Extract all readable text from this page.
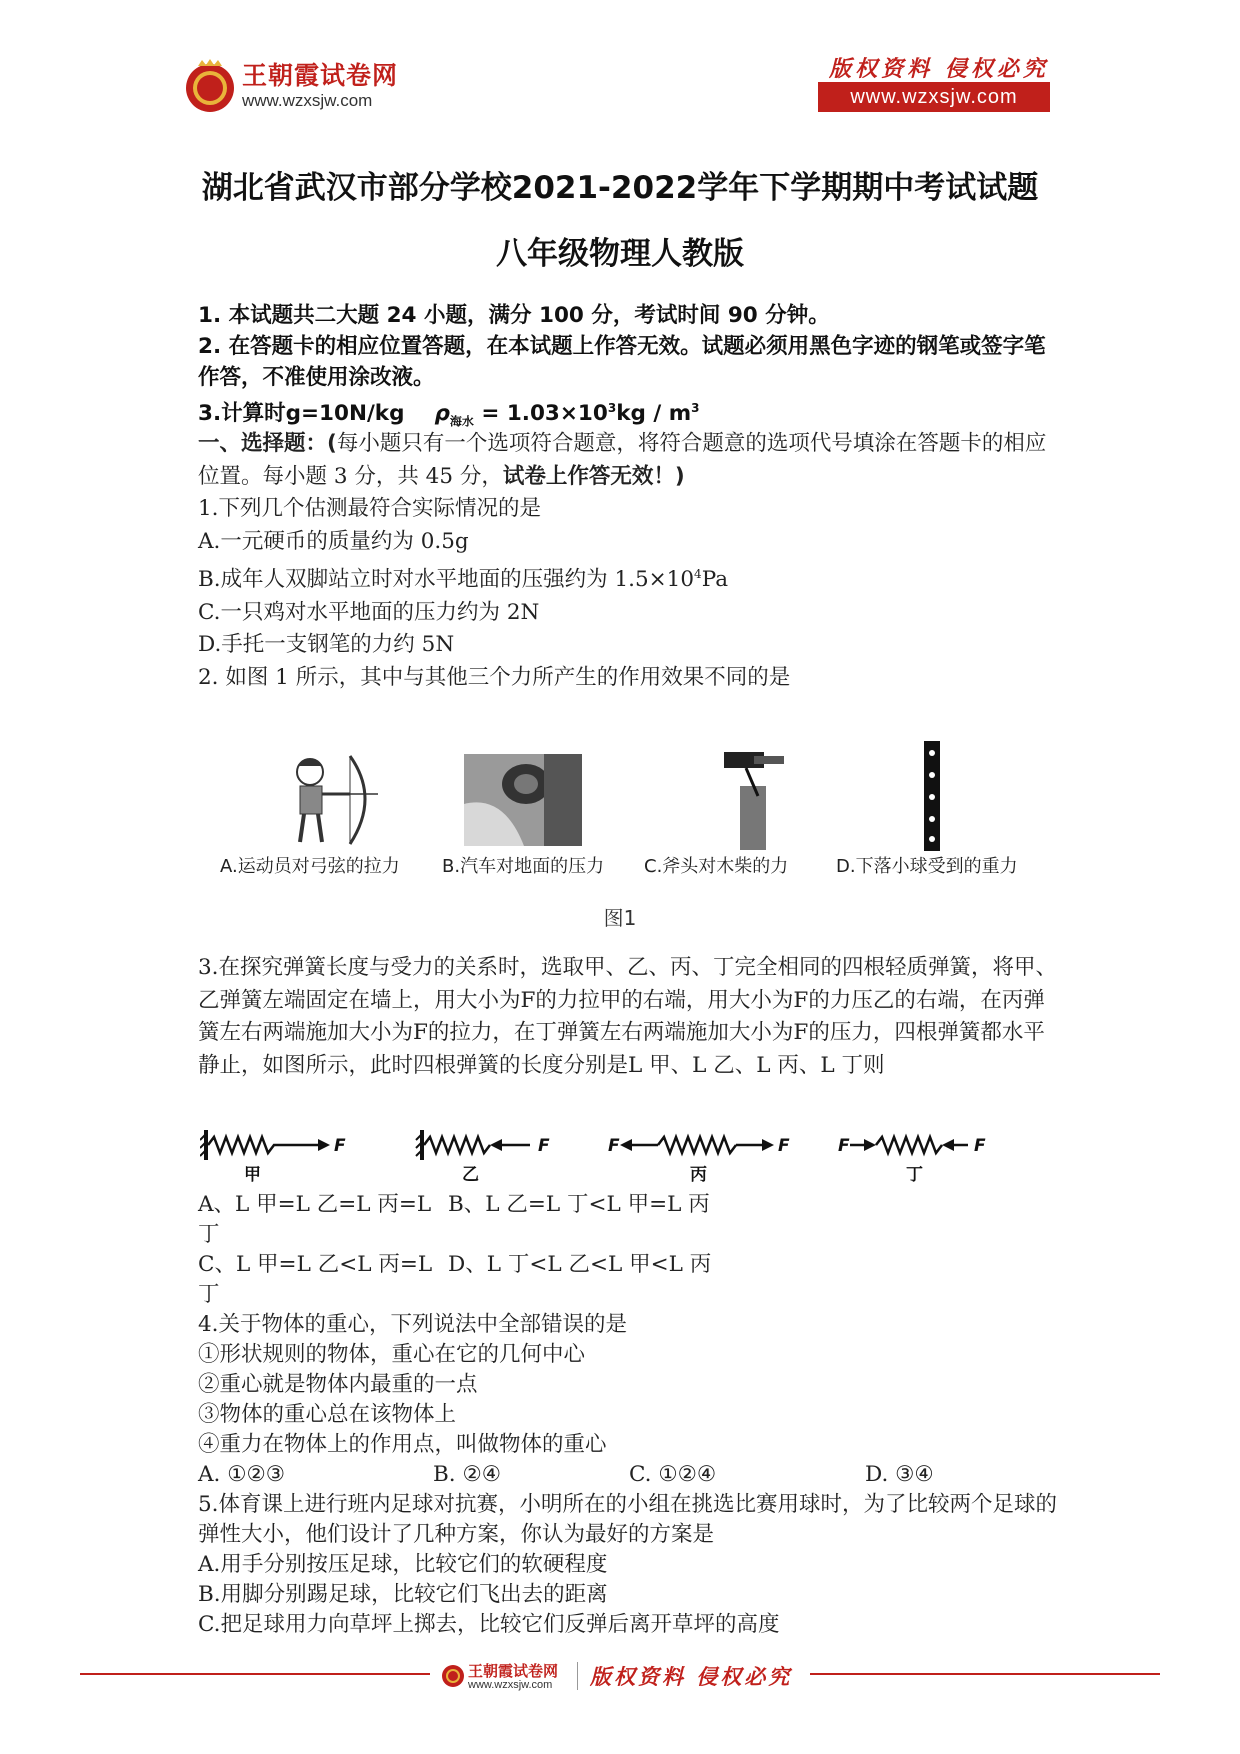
王朝霞试卷网
www.wzxsjw.com
版权资料 侵权必究
www.wzxsjw.com
湖北省武汉市部分学校2021-2022学年下学期期中考试试题
八年级物理人教版

1. 本试题共二大题 24 小题，满分 100 分，考试时间 90 分钟。

2. 在答题卡的相应位置答题，在本试题上作答无效。试题必须用黑色字迹的钢笔或签字笔作答，不准使用涂改液。

3.计算时g=10N/kg $\rho_{海水} = 1.03\times 10^3kg / m^3$

一、选择题：(每小题只有一个选项符合题意，将符合题意的选项代号填涂在答题卡的相应位置。每小题 3 分，共 45 分，试卷上作答无效！)

1.下列几个估测最符合实际情况的是

A.一元硬币的质量约为 0.5g

B.成年人双脚站立时对水平地面的压强约为 $1.5\times 10^4Pa$

C.一只鸡对水平地面的压力约为 2N

D.手托一支钢笔的力约 5N

2. 如图 1 所示，其中与其他三个力所产生的作用效果不同的是

A.运动员对弓弦的拉力 B.汽车对地面的压力 C.斧头对木柴的力	D.下落小球受到的重力
图1

3.在探究弹簧长度与受力的关系时，选取甲、乙、丙、丁完全相同的四根轻质弹簧，将甲、乙弹簧左端固定在墙上，用大小为F的力拉甲的右端，用大小为F的力压乙的右端，在丙弹簧左右两端施加大小为F的拉力，在丁弹簧左右两端施加大小为F的压力，四根弹簧都水平静止，如图所示，此时四根弹簧的长度分别是L 甲、L 乙、L 丙、L 丁则

F
甲
F
乙
F	F
丙
F	F
丁

A、L 甲=L 乙=L 丙=L 丁
B、L 乙=L 丁<L 甲=L 丙

C、L 甲=L 乙<L 丙=L 丁
D、L 丁<L 乙<L 甲<L 丙

4.关于物体的重心，下列说法中全部错误的是

①形状规则的物体，重心在它的几何中心

②重心就是物体内最重的一点

③物体的重心总在该物体上

④重力在物体上的作用点，叫做物体的重心

A. ①②③	B. ②④	C. ①②④	D. ③④

5.体育课上进行班内足球对抗赛，小明所在的小组在挑选比赛用球时，为了比较两个足球的弹性大小，他们设计了几种方案，你认为最好的方案是

A.用手分别按压足球，比较它们的软硬程度

B.用脚分别踢足球，比较它们飞出去的距离

C.把足球用力向草坪上掷去，比较它们反弹后离开草坪的高度

王朝霞试卷网
www.wzxsjw.com 版权资料 侵权必究
